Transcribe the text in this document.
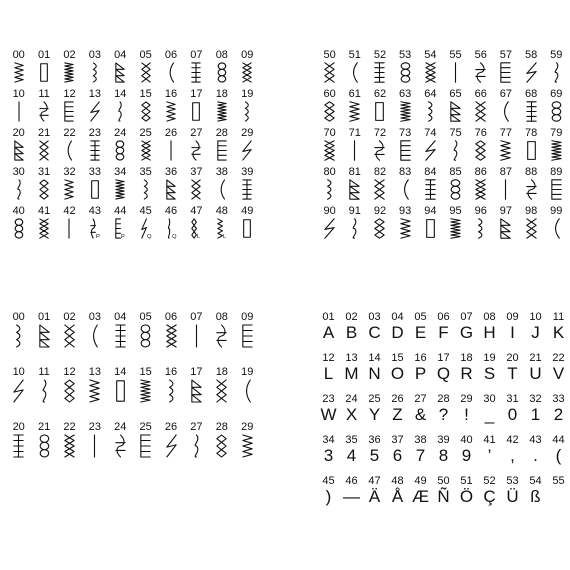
00 01 02 03 04 05 06 07 08 09
10 11 12 13 14 15 16 17 18 19
20 21 22 23 24 25 26 27 28 29
30 31 32 33 34 35 36 37 38 39
40 41 42 43
P
44
P
45
Q
46
Q
47
L
48
L
49
50 51 52 53 54 55 56 57 58 59
60 61 62 63 64 65 66 67 68 69
70 71 72 73 74 75 76 77 78 79
80 81 82 83 84 85 86 87 88 89
90 91 92 93 94 95 96 97 98 99
00 01 02 03 04 05 06 07 08 09
10 11 12 13 14 15 16 17 18 19
20 21 22 23 24 25 26 27 28 29
01
A
02
B
03
C
04
D
05
E
06
F
07
G
08
H
09
I
10
J
11
K
12
L
13
M
14
N
15
O
16
P
17
Q
18
R
19
S
20
T
21
U
22
V
23
W
24
X
25
Y
26
Z
27
&
28
?
29
!
30
_
31
0
32
1
33
2
34
3
35
4
36
5
37
6
38
7
39
8
40
9
41
’
42
,
43
.
44
(
45
)
46
—
47
Ä
48
Å
49
Æ
50
Ñ
51
Ö
52
Ç
53
Ü
54
ß
55
